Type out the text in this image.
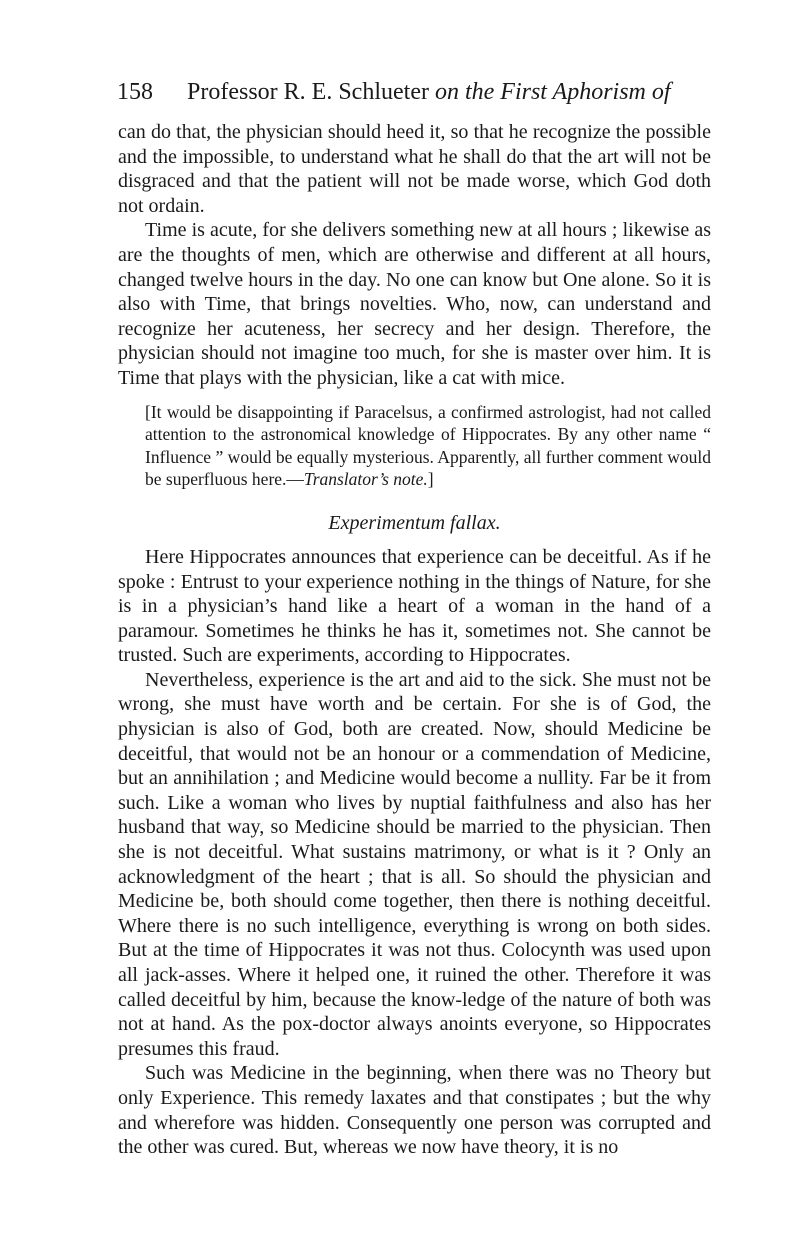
158 Professor R. E. Schlueter on the First Aphorism of

can do that, the physician should heed it, so that he recognize the possible and the impossible, to understand what he shall do that the art will not be disgraced and that the patient will not be made worse, which God doth not ordain.

Time is acute, for she delivers something new at all hours ; likewise as are the thoughts of men, which are otherwise and different at all hours, changed twelve hours in the day. No one can know but One alone. So it is also with Time, that brings novelties. Who, now, can understand and recognize her acuteness, her secrecy and her design. Therefore, the physician should not imagine too much, for she is master over him. It is Time that plays with the physician, like a cat with mice.

[It would be disappointing if Paracelsus, a confirmed astrologist, had not called attention to the astronomical knowledge of Hippocrates. By any other name “ Influence ” would be equally mysterious. Apparently, all further comment would be superfluous here.—Translator’s note.]
Experimentum fallax.

Here Hippocrates announces that experience can be deceitful. As if he spoke : Entrust to your experience nothing in the things of Nature, for she is in a physician’s hand like a heart of a woman in the hand of a paramour. Sometimes he thinks he has it, sometimes not. She cannot be trusted. Such are experiments, according to Hippocrates.

Nevertheless, experience is the art and aid to the sick. She must not be wrong, she must have worth and be certain. For she is of God, the physician is also of God, both are created. Now, should Medicine be deceitful, that would not be an honour or a commendation of Medicine, but an annihilation ; and Medicine would become a nullity. Far be it from such. Like a woman who lives by nuptial faithfulness and also has her husband that way, so Medicine should be married to the physician. Then she is not deceitful. What sustains matrimony, or what is it ? Only an acknowledgment of the heart ; that is all. So should the physician and Medicine be, both should come together, then there is nothing deceitful. Where there is no such intelligence, everything is wrong on both sides. But at the time of Hippocrates it was not thus. Colocynth was used upon all jack-asses. Where it helped one, it ruined the other. Therefore it was called deceitful by him, because the know-ledge of the nature of both was not at hand. As the pox-doctor always anoints everyone, so Hippocrates presumes this fraud.

Such was Medicine in the beginning, when there was no Theory but only Experience. This remedy laxates and that constipates ; but the why and wherefore was hidden. Consequently one person was corrupted and the other was cured. But, whereas we now have theory, it is no
